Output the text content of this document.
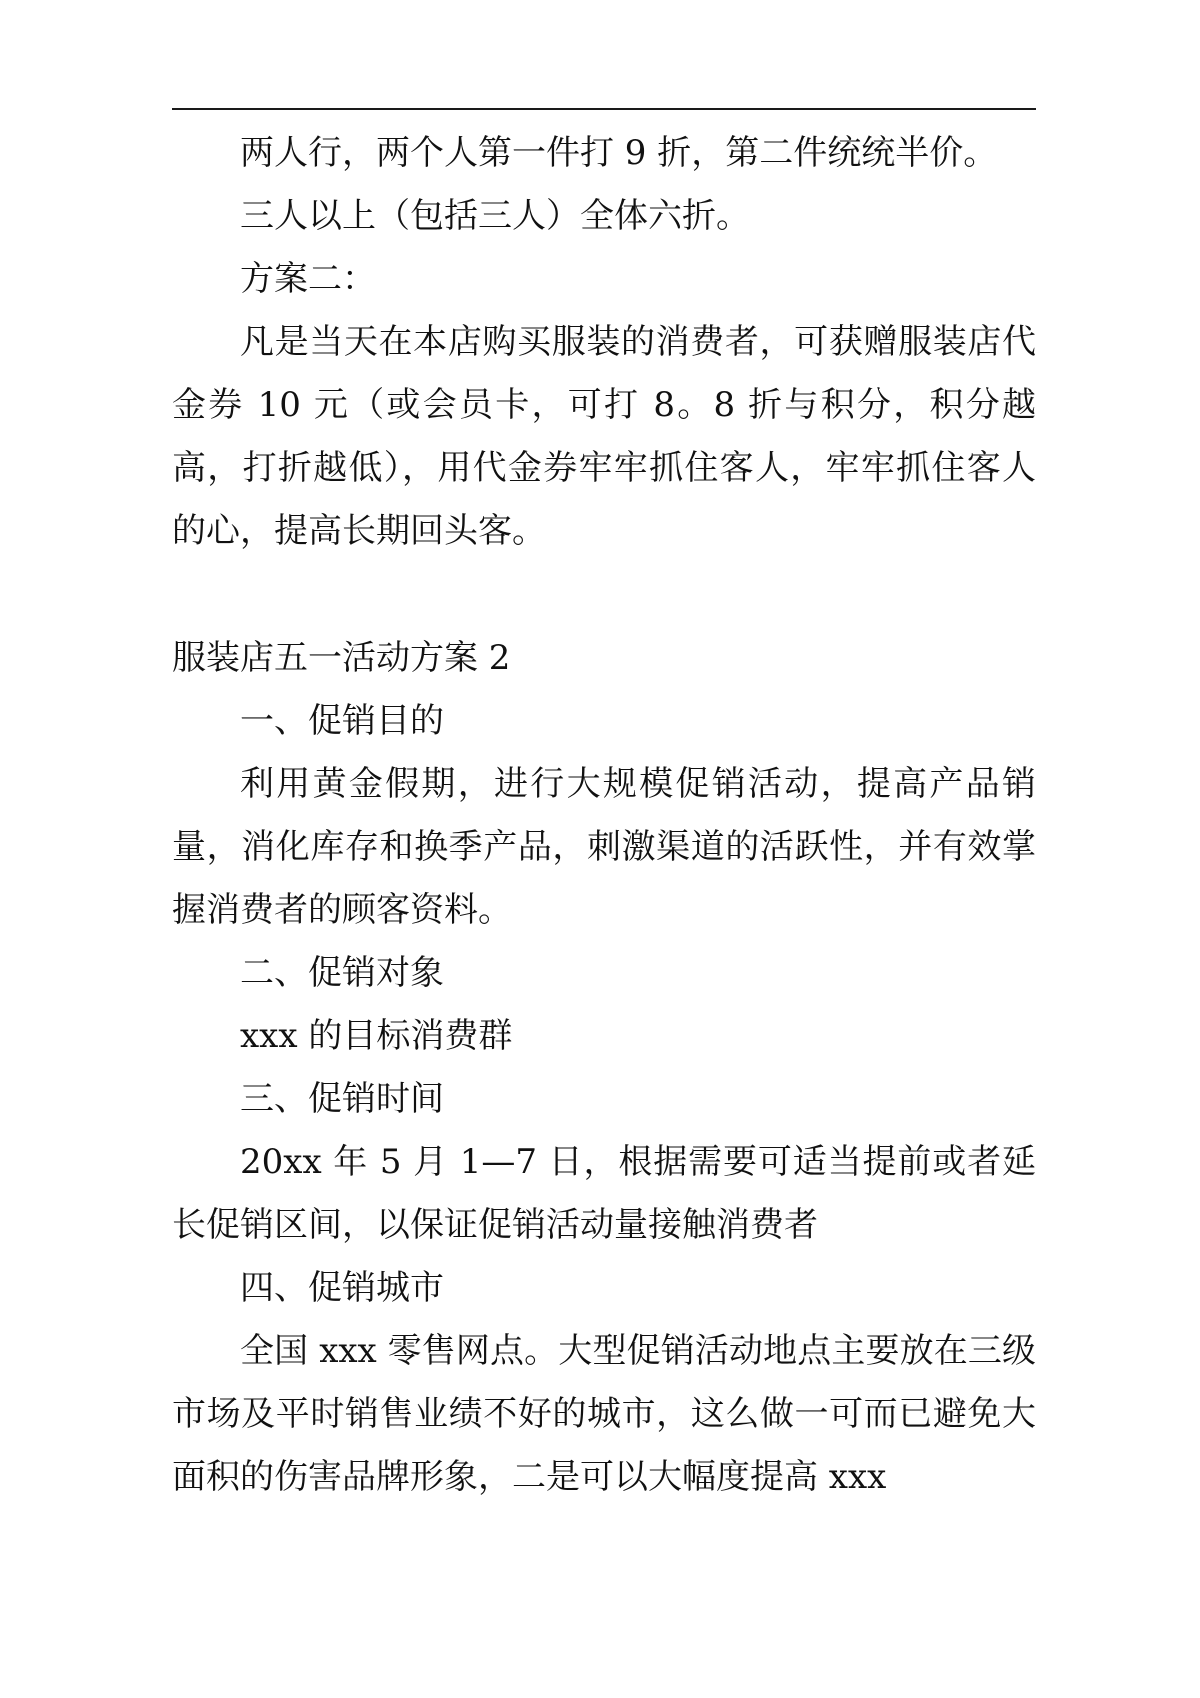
两人行，两个人第一件打 9 折，第二件统统半价。

三人以上（包括三人）全体六折。

方案二：

凡是当天在本店购买服装的消费者，可获赠服装店代金券 10 元（或会员卡，可打 8。8 折与积分，积分越高，打折越低），用代金券牢牢抓住客人，牢牢抓住客人的心，提高长期回头客。

服装店五一活动方案 2

一、促销目的

利用黄金假期，进行大规模促销活动，提高产品销量，消化库存和换季产品，刺激渠道的活跃性，并有效掌握消费者的顾客资料。

二、促销对象

xxx 的目标消费群

三、促销时间

20xx 年 5 月 1—7 日，根据需要可适当提前或者延长促销区间，以保证促销活动量接触消费者

四、促销城市

全国 xxx 零售网点。大型促销活动地点主要放在三级市场及平时销售业绩不好的城市，这么做一可而已避免大面积的伤害品牌形象，二是可以大幅度提高 xxx
